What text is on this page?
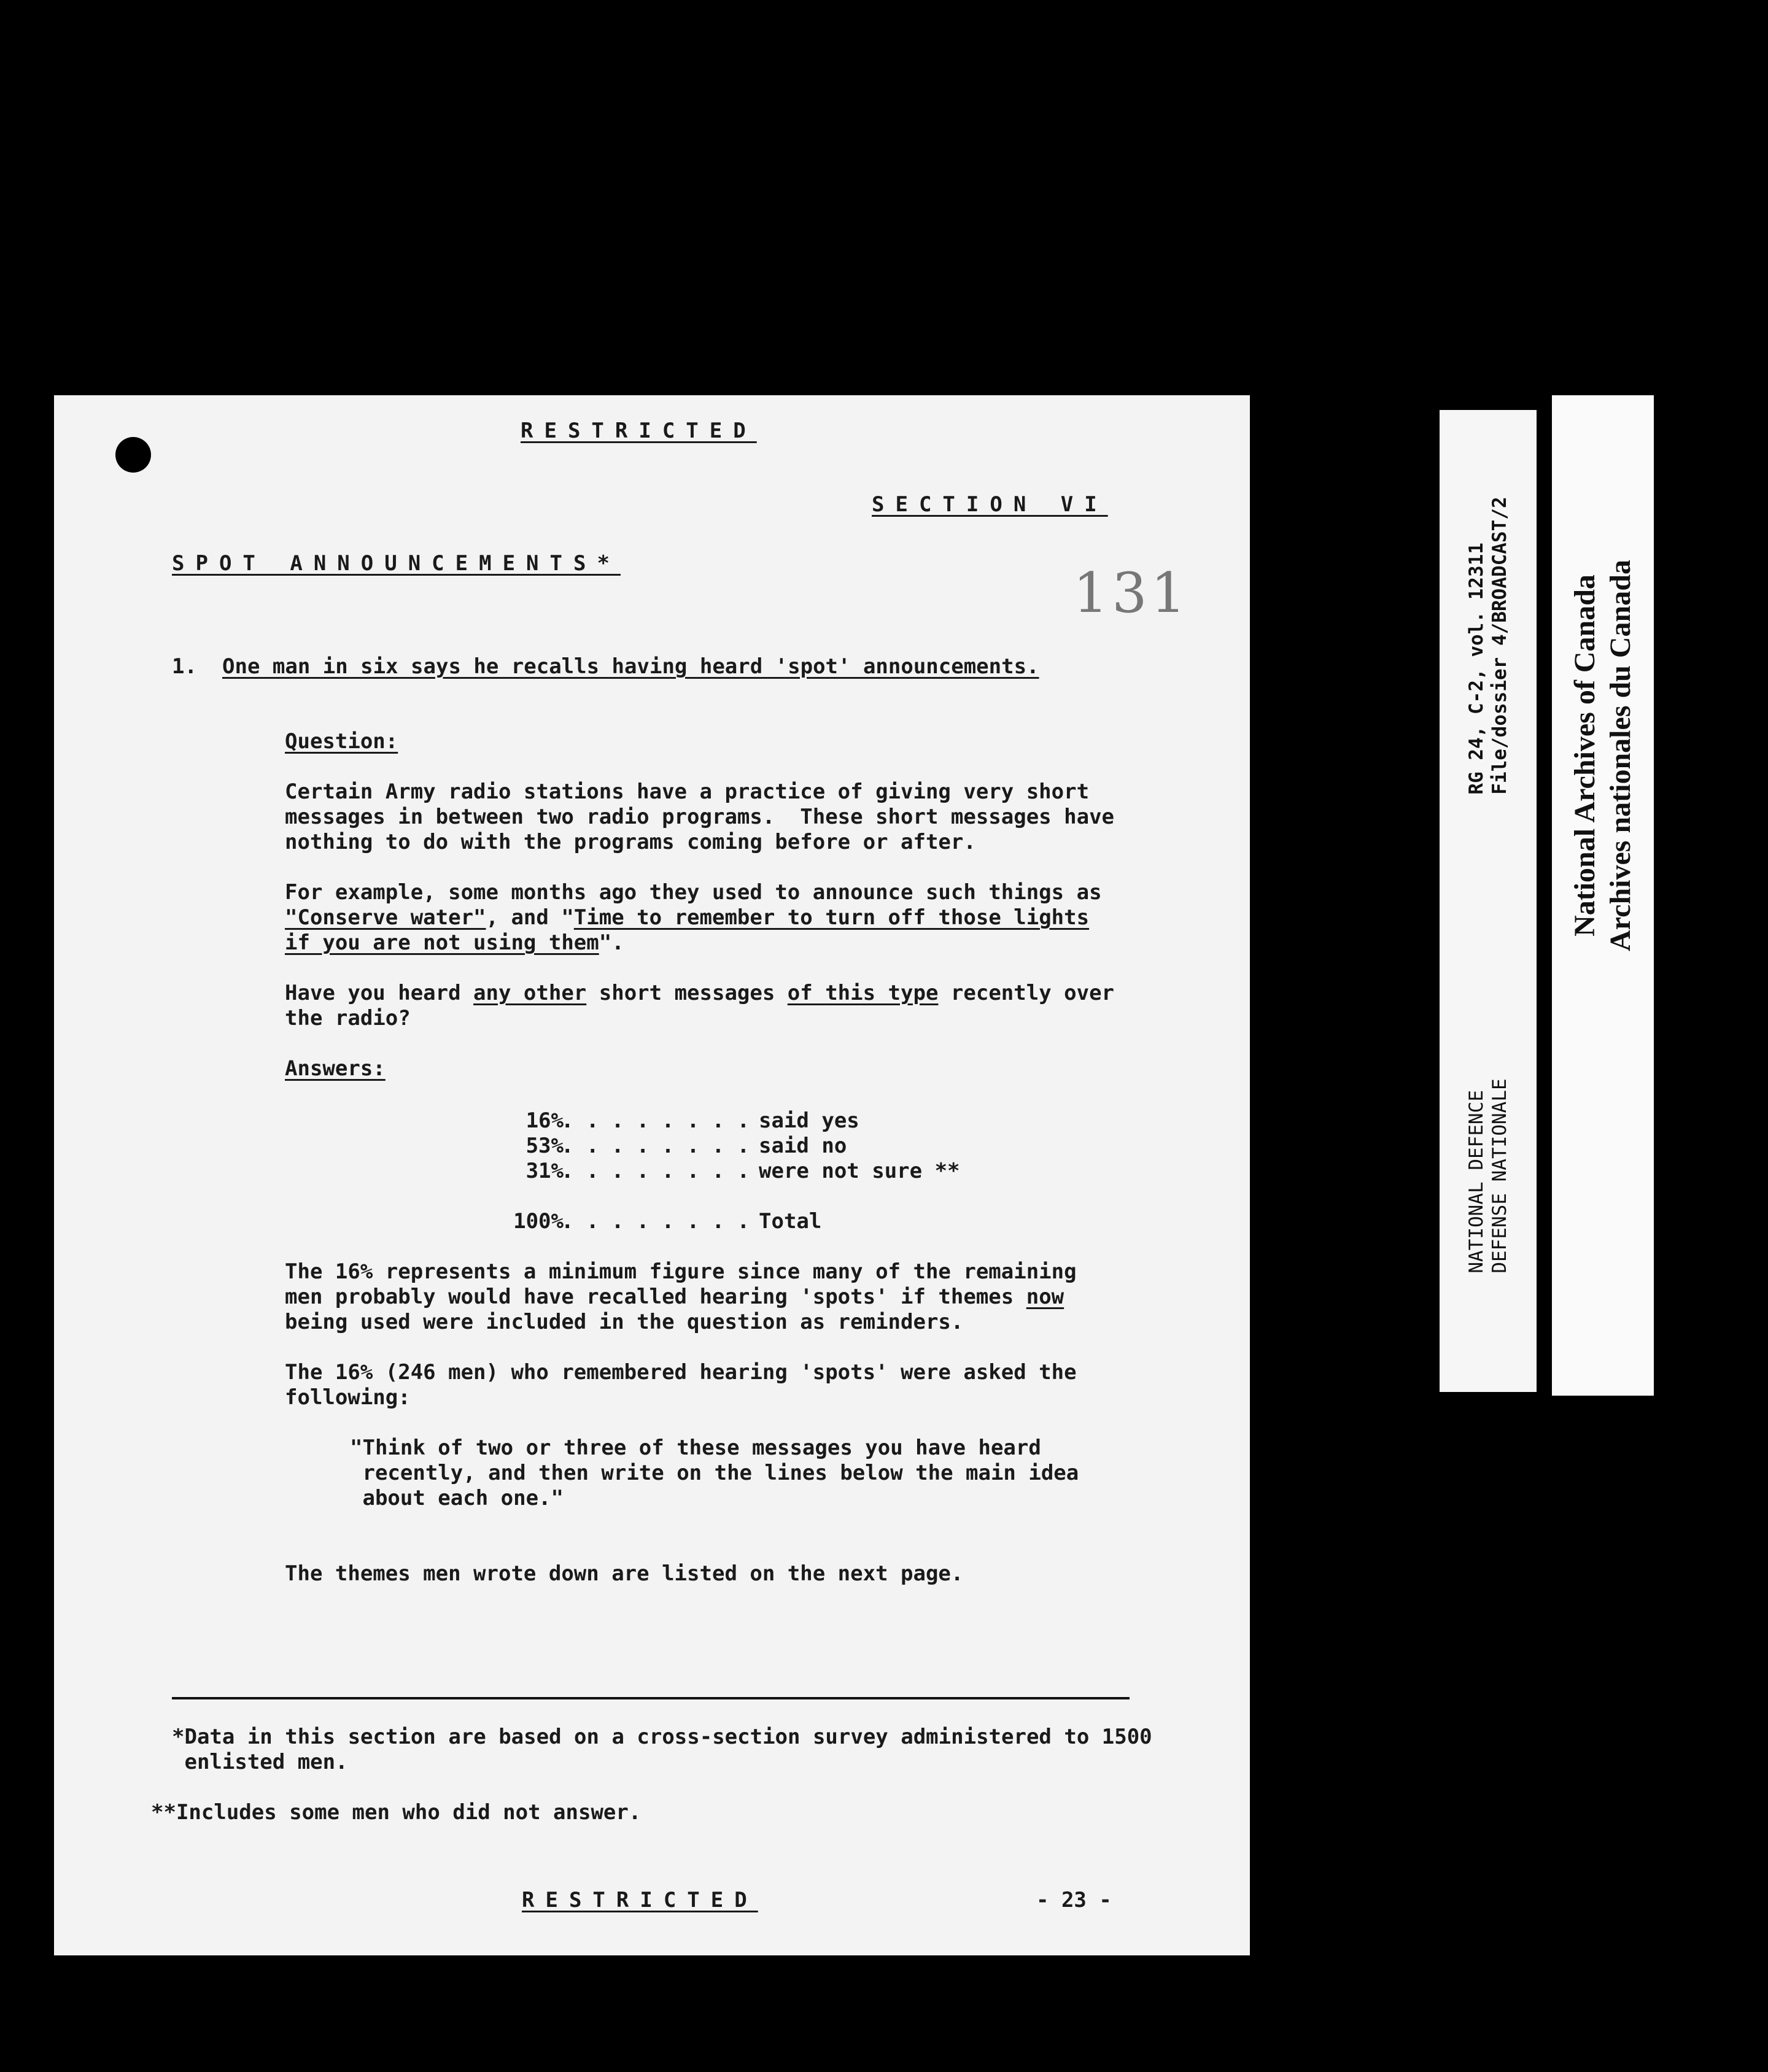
RESTRICTED
SECTION VI
131
SPOT ANNOUNCEMENTS*
1. One man in six says he recalls having heard 'spot' announcements.
Question:
Certain Army radio stations have a practice of giving very short
messages in between two radio programs.  These short messages have
nothing to do with the programs coming before or after.
For example, some months ago they used to announce such things as
"Conserve water", and "Time to remember to turn off those lights
if you are not using them".
Have you heard any other short messages of this type recently over
the radio?
Answers:
16%
. . . . . . . . said yes
53%
. . . . . . . . said no
31%
. . . . . . . . were not sure **
100%
. . . . . . . . Total
The 16% represents a minimum figure since many of the remaining
men probably would have recalled hearing 'spots' if themes now
being used were included in the question as reminders.
The 16% (246 men) who remembered hearing 'spots' were asked the
following:
"Think of two or three of these messages you have heard
recently, and then write on the lines below the main idea
about each one."
The themes men wrote down are listed on the next page.
*Data in this section are based on a cross-section survey administered to 1500
enlisted men.
**Includes some men who did not answer.
RESTRICTED	- 23 -
RG 24, C-2, vol. 12311 File/dossier 4/BROADCAST/2
NATIONAL DEFENCE DEFENSE NATIONALE
National Archives of Canada Archives nationales du Canada
